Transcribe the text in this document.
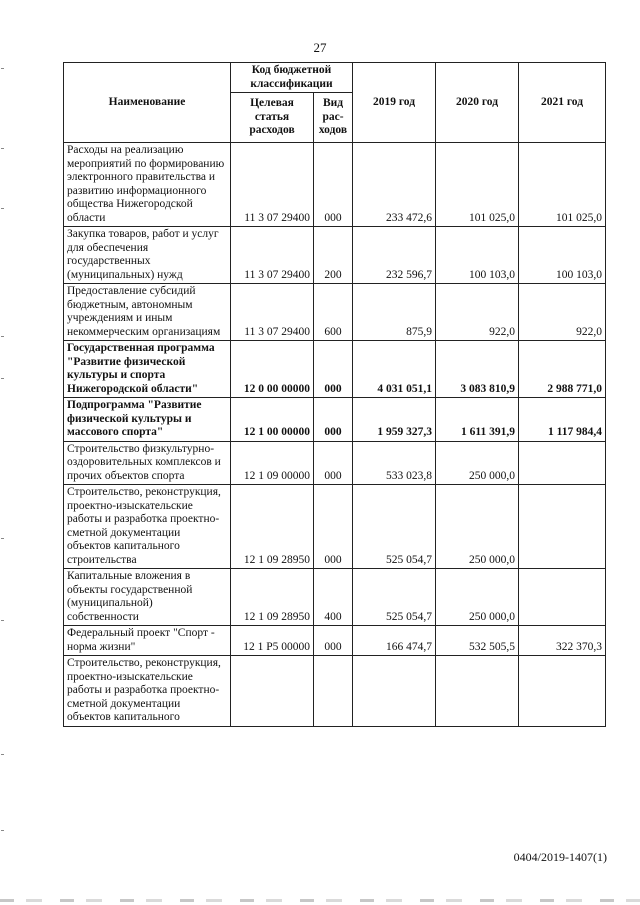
27
Наименование	Код бюджетной классификации		2019 год	2020 год	2021 год
	Целевая статья расходов	Вид рас-ходов			
Расходы на реализацию мероприятий по формированию электронного правительства и развитию информационного общества Нижегородской области	11 3 07 29400	000	233 472,6	101 025,0	101 025,0
Закупка товаров, работ и услуг для обеспечения государственных (муниципальных) нужд	11 3 07 29400	200	232 596,7	100 103,0	100 103,0
Предоставление субсидий бюджетным, автономным учреждениям и иным некоммерческим организациям	11 3 07 29400	600	875,9	922,0	922,0
Государственная программа "Развитие физической культуры и спорта Нижегородской области"	12 0 00 00000	000	4 031 051,1	3 083 810,9	2 988 771,0
Подпрограмма "Развитие физической культуры и массового спорта"	12 1 00 00000	000	1 959 327,3	1 611 391,9	1 117 984,4
Строительство физкультурно-оздоровительных комплексов и прочих объектов спорта	12 1 09 00000	000	533 023,8	250 000,0	
Строительство, реконструкция, проектно-изыскательские работы и разработка проектно-сметной документации объектов капитального строительства	12 1 09 28950	000	525 054,7	250 000,0	
Капитальные вложения в объекты государственной (муниципальной) собственности	12 1 09 28950	400	525 054,7	250 000,0	
Федеральный проект "Спорт - норма жизни"	12 1 P5 00000	000	166 474,7	532 505,5	322 370,3
Строительство, реконструкция, проектно-изыскательские работы и разработка проектно-сметной документации объектов капитального					
0404/2019-1407(1)
